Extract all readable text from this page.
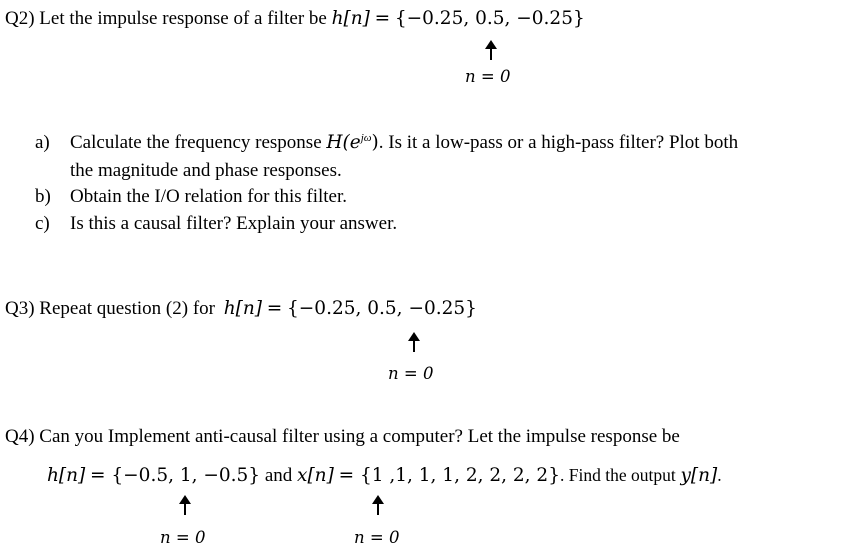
Q2) Let the impulse response of a filter be h[n] = {−0.25, 0.5, −0.25}
n = 0
a) Calculate the frequency response $H(e^{j\omega})$. Is it a low-pass or a high-pass filter? Plot both
the magnitude and phase responses.
b) Obtain the I/O relation for this filter.
c) Is this a causal filter? Explain your answer.
Q3) Repeat question (2) for h[n] = {−0.25, 0.5, −0.25}
n = 0
Q4) Can you Implement anti-causal filter using a computer? Let the impulse response be
h[n] = {−0.5, 1, −0.5} and x[n] = {1 ,1, 1, 1, 2, 2, 2, 2}. Find the output y[n].
n = 0	n = 0
